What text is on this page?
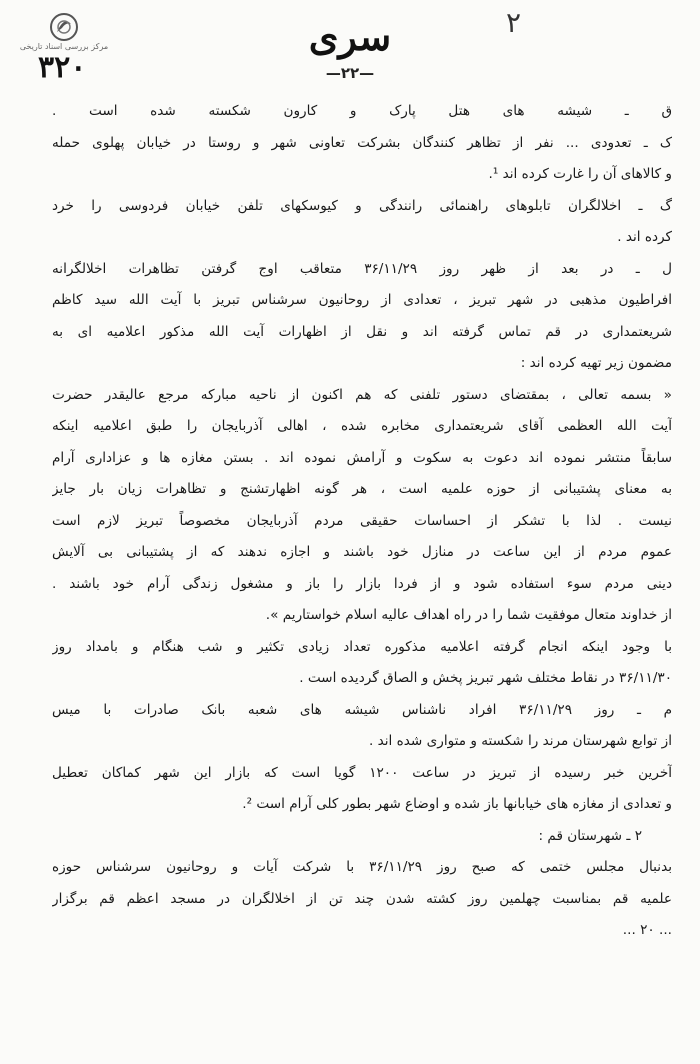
مرکز بررسی اسناد تاریخی
۳۲۰
سری	۲
—۲۲—
ق ـ شیشه های هتل پارک و کارون شکسته شده است .
ک ـ تعدودی ... نفر از تظاهر کنندگان بشرکت تعاونی شهر و روستا در خیابان پهلوی حمله
و کالاهای آن را غارت کرده اند ¹.
گ ـ اخلالگران تابلوهای راهنمائی رانندگی و کیوسکهای تلفن خیابان فردوسی را خرد
کرده اند .
ل ـ در بعد از ظهر روز ۳۶/۱۱/۲۹ متعاقب اوج گرفتن تظاهرات اخلالگرانه
افراطیون مذهبی در شهر تبریز ، تعدادی از روحانیون سرشناس تبریز با آیت الله سید کاظم
شریعتمداری در قم تماس گرفته اند و نقل از اظهارات آیت الله مذکور اعلامیه ای به
مضمون زیر تهیه کرده اند :
« بسمه تعالی ، بمقتضای دستور تلفنی که هم اکنون از ناحیه مبارکه مرجع عالیقدر حضرت
آیت الله العظمی آقای شریعتمداری مخابره شده ، اهالی آذربایجان را طبق اعلامیه اینکه
سابقاً منتشر نموده اند دعوت به سکوت و آرامش نموده اند . بستن مغازه ها و عزاداری آرام
به معنای پشتیبانی از حوزه علمیه است ، هر گونه اظهارتشنج و تظاهرات زیان بار جایز
نیست . لذا با تشکر از احساسات حقیقی مردم آذربایجان مخصوصاً تبریز لازم است
عموم مردم از این ساعت در منازل خود باشند و اجازه ندهند که از پشتیبانی بی آلایش
دینی مردم سوء استفاده شود و از فردا بازار را باز و مشغول زندگی آرام خود باشند .
از خداوند متعال موفقیت شما را در راه اهداف عالیه اسلام خواستاریم ».
با وجود اینکه انجام گرفته اعلامیه مذکوره تعداد زیادی تکثیر و شب هنگام و بامداد روز
۳۶/۱۱/۳۰ در نقاط مختلف شهر تبریز پخش و الصاق گردیده است .
م ـ روز ۳۶/۱۱/۲۹ افراد ناشناس شیشه های شعبه بانک صادرات با میس
از توابع شهرستان مرند را شکسته و متواری شده اند .
آخرین خبر رسیده از تبریز در ساعت ۱۲۰۰ گویا است که بازار این شهر کماکان تعطیل
و تعدادی از مغازه های خیابانها باز شده و اوضاع شهر بطور کلی آرام است ².
۲ ـ شهرستان قم :
بدنبال مجلس ختمی که صبح روز ۳۶/۱۱/۲۹ با شرکت آیات و روحانیون سرشناس حوزه
علمیه قم بمناسبت چهلمین روز کشته شدن چند تن از اخلالگران در مسجد اعظم قم برگزار
... ۲۰ ...
